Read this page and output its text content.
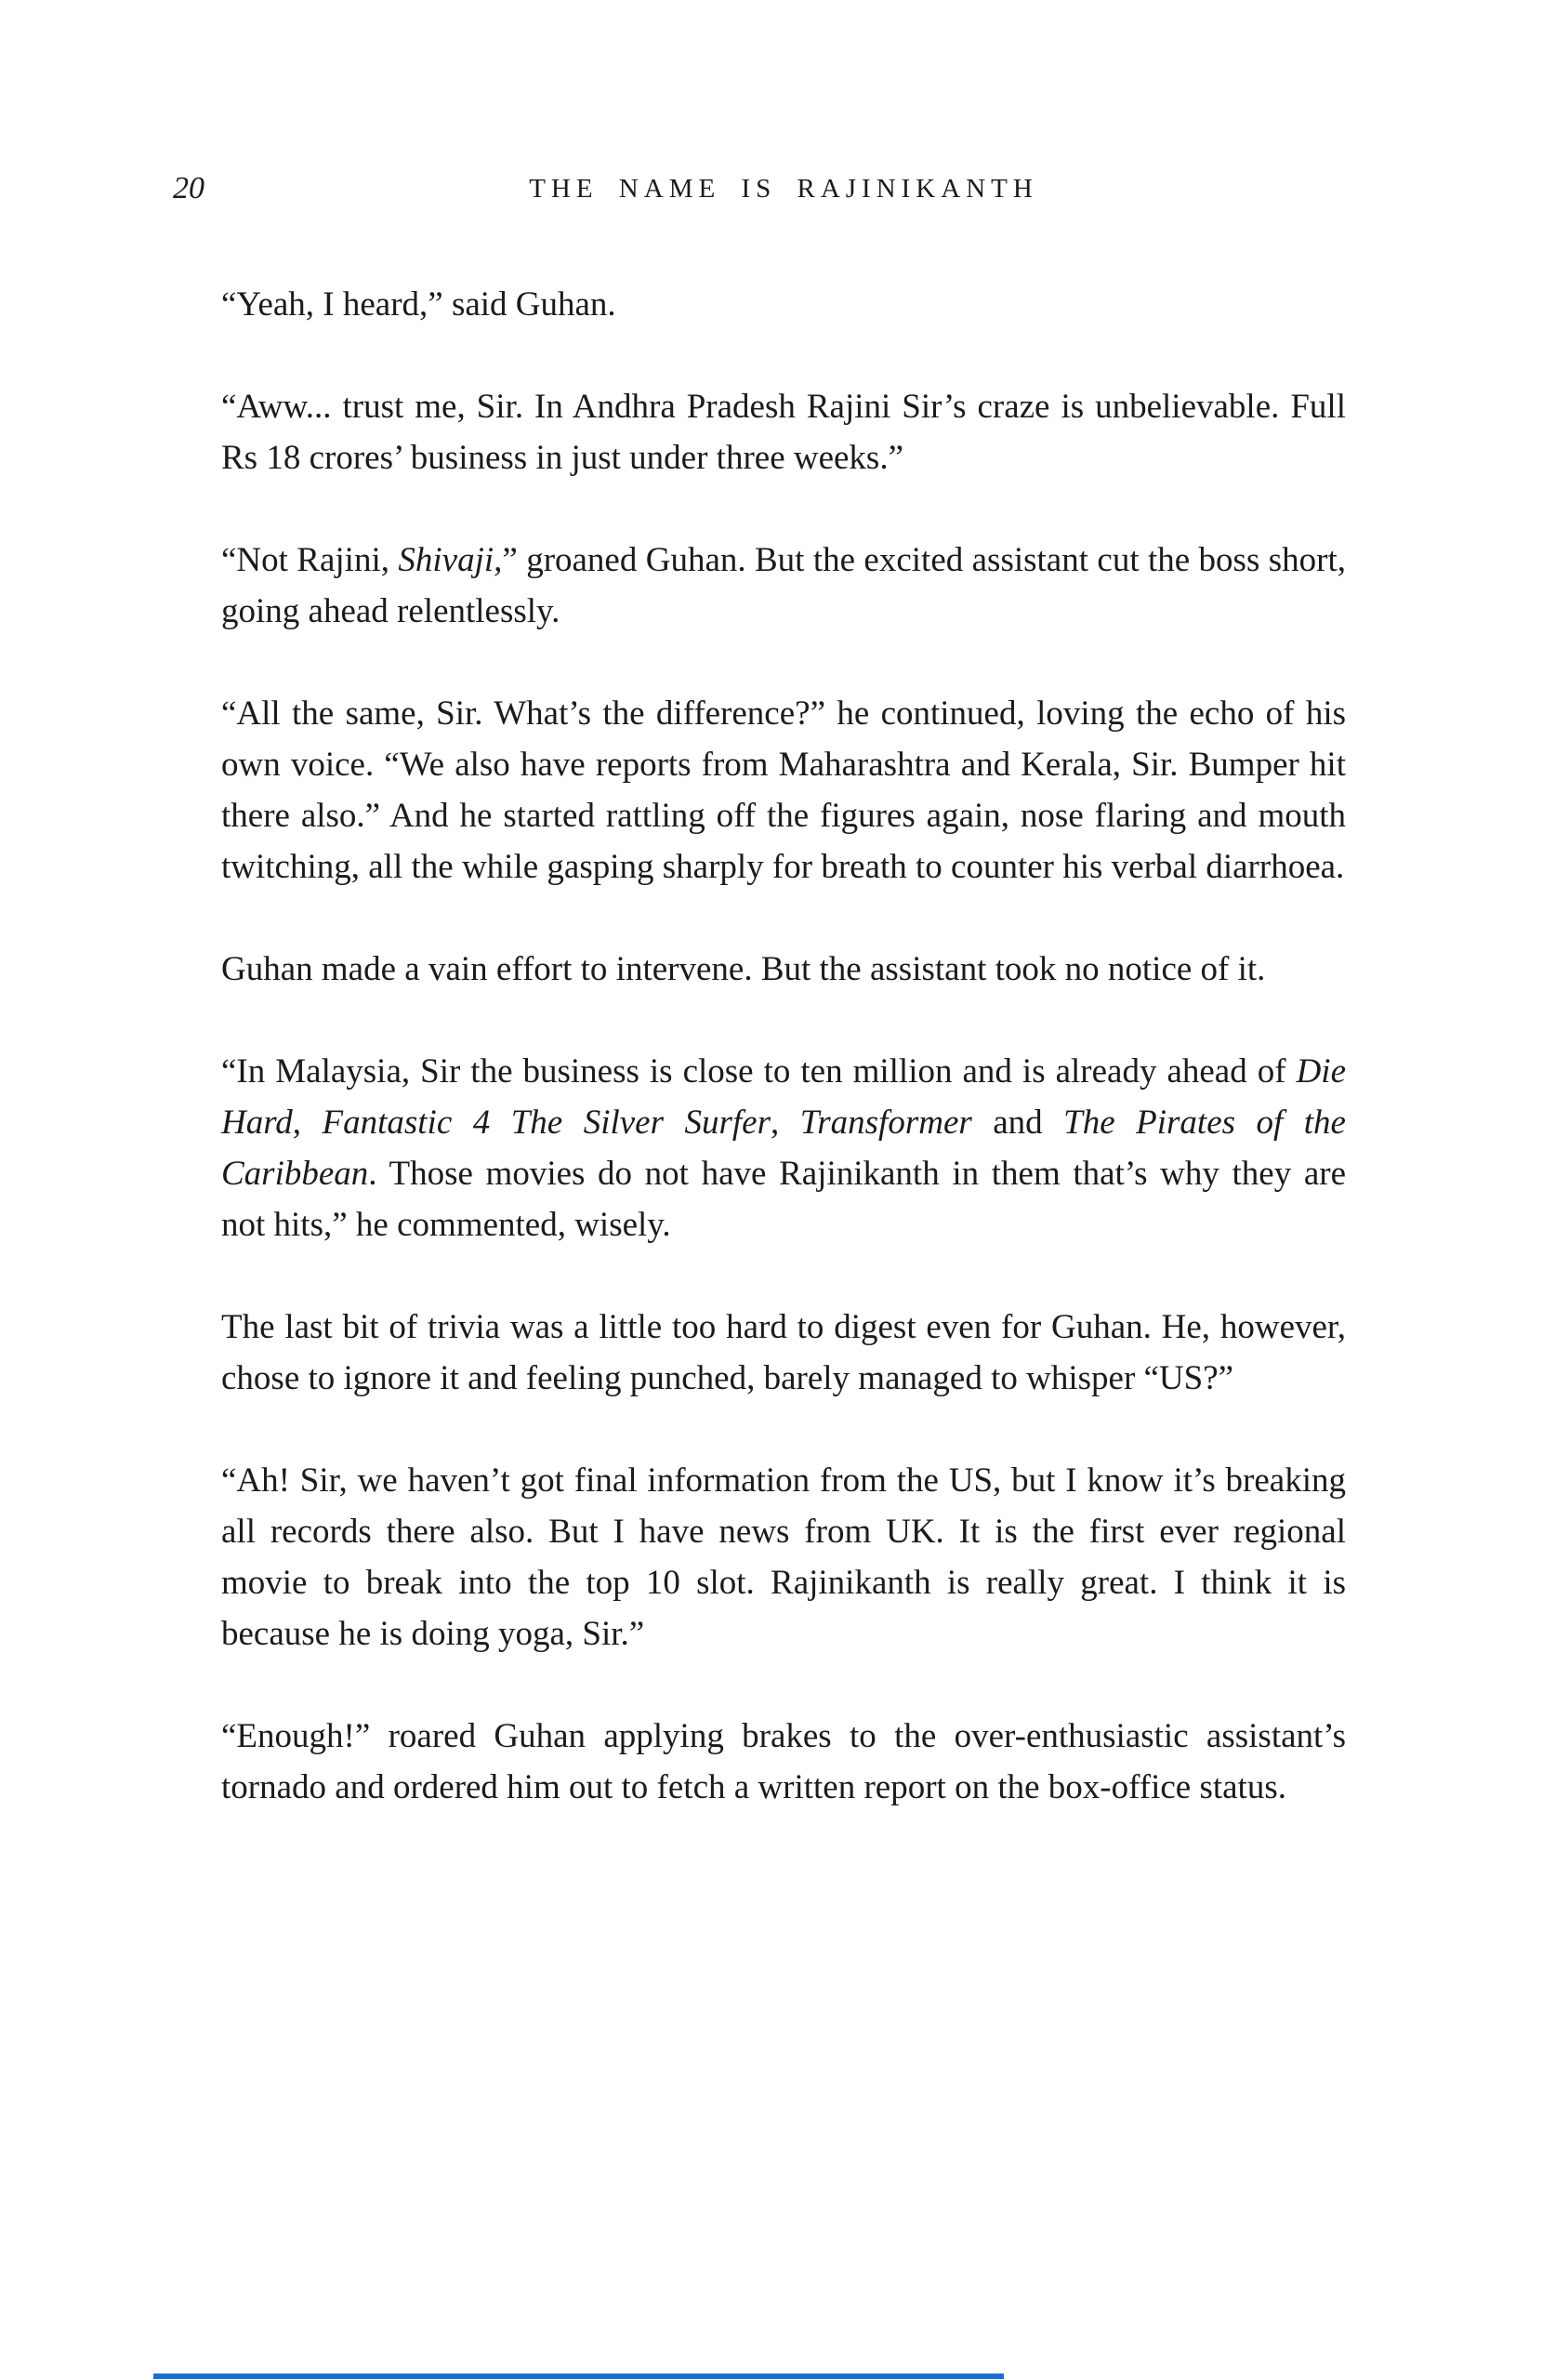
20	THE NAME IS RAJINIKANTH

“Yeah, I heard,” said Guhan.

“Aww... trust me, Sir. In Andhra Pradesh Rajini Sir’s craze is unbelievable. Full Rs 18 crores’ business in just under three weeks.”

“Not Rajini, Shivaji,” groaned Guhan. But the excited assistant cut the boss short, going ahead relentlessly.

“All the same, Sir. What’s the difference?” he continued, loving the echo of his own voice. “We also have reports from Maharashtra and Kerala, Sir. Bumper hit there also.” And he started rattling off the figures again, nose flaring and mouth twitching, all the while gasping sharply for breath to counter his verbal diarrhoea.

Guhan made a vain effort to intervene. But the assistant took no notice of it.

“In Malaysia, Sir the business is close to ten million and is already ahead of Die Hard, Fantastic 4 The Silver Surfer, Transformer and The Pirates of the Caribbean. Those movies do not have Rajinikanth in them that’s why they are not hits,” he commented, wisely.

The last bit of trivia was a little too hard to digest even for Guhan. He, however, chose to ignore it and feeling punched, barely managed to whisper “US?”

“Ah! Sir, we haven’t got final information from the US, but I know it’s breaking all records there also. But I have news from UK. It is the first ever regional movie to break into the top 10 slot. Rajinikanth is really great. I think it is because he is doing yoga, Sir.”

“Enough!” roared Guhan applying brakes to the over-enthusiastic assistant’s tornado and ordered him out to fetch a written report on the box-office status.
